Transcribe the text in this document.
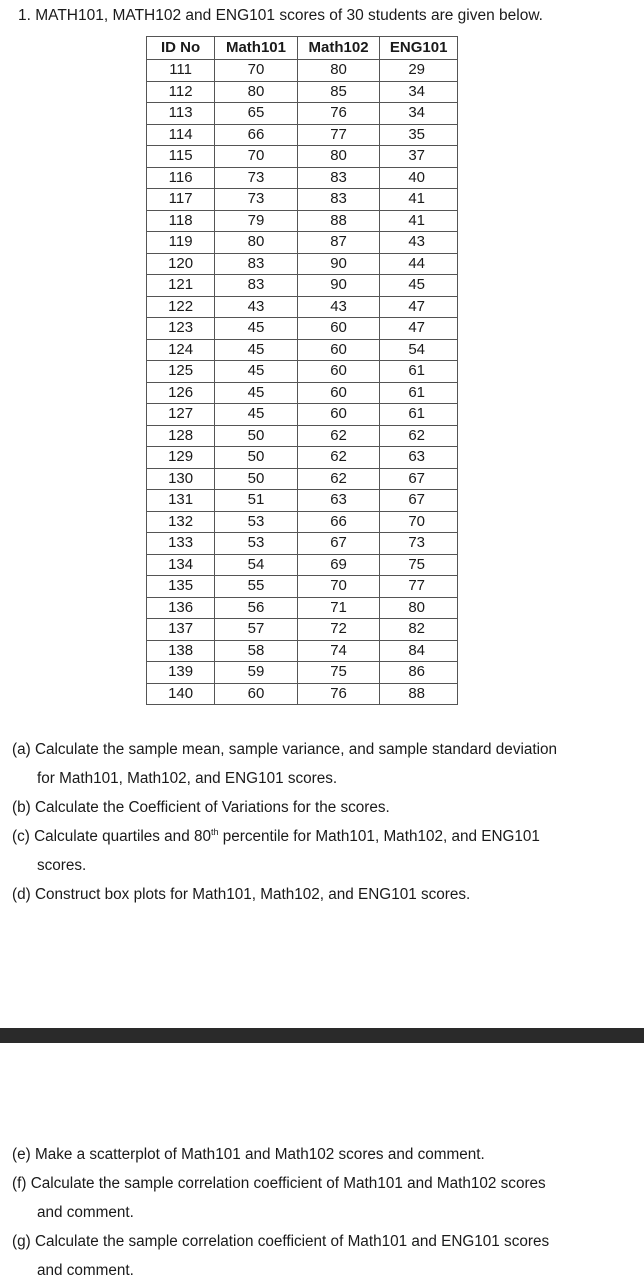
1. MATH101, MATH102 and ENG101 scores of 30 students are given below.
ID No	Math101	Math102	ENG101
111	70	80	29
112	80	85	34
113	65	76	34
114	66	77	35
115	70	80	37
116	73	83	40
117	73	83	41
118	79	88	41
119	80	87	43
120	83	90	44
121	83	90	45
122	43	43	47
123	45	60	47
124	45	60	54
125	45	60	61
126	45	60	61
127	45	60	61
128	50	62	62
129	50	62	63
130	50	62	67
131	51	63	67
132	53	66	70
133	53	67	73
134	54	69	75
135	55	70	77
136	56	71	80
137	57	72	82
138	58	74	84
139	59	75	86
140	60	76	88
(a) Calculate the sample mean, sample variance, and sample standard deviation
for Math101, Math102, and ENG101 scores.
(b) Calculate the Coefficient of Variations for the scores.
(c) Calculate quartiles and 80th percentile for Math101, Math102, and ENG101
scores.
(d) Construct box plots for Math101, Math102, and ENG101 scores.
(e) Make a scatterplot of Math101 and Math102 scores and comment.
(f) Calculate the sample correlation coefficient of Math101 and Math102 scores
and comment.
(g) Calculate the sample correlation coefficient of Math101 and ENG101 scores
and comment.
